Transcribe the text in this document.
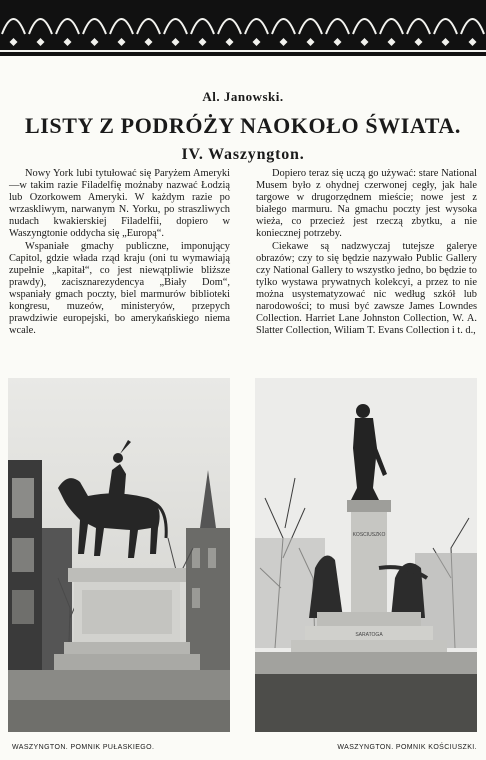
Al. Janowski.
LISTY Z PODRÓŻY NAOKOŁO ŚWIATA.
IV. Waszyngton.

Nowy York lubi tytułować się Paryżem Ameryki—w takim razie Filadelfię możnaby nazwać Łodzią lub Ozorkowem Ameryki. W każdym razie po wrzaskliwym, narwanym N. Yorku, po straszliwych nudach kwakierskiej Filadelfii, dopiero w Waszyngtonie oddycha się „Europą“.

Wspaniałe gmachy publiczne, imponujący Capitol, gdzie włada rząd kraju (oni tu wymawiają zupełnie „kapitał“, co jest niewątpliwie bliższe prawdy), zacisznarezydencya „Biały Dom“, wspaniały gmach poczty, biel marmurów biblioteki kongresu, muzeów, ministeryów, przepych prawdziwie europejski, bo amerykańskiego niema wcale.

Dopiero teraz się uczą go używać: stare National Musem było z ohydnej czerwonej cegły, jak hale targowe w drugorzędnem mieście; nowe jest z białego marmuru. Na gmachu poczty jest wysoka wieża, co przecież jest rzeczą zbytku, a nie koniecznej potrzeby.

Ciekawe są nadzwyczaj tutejsze galerye obrazów; czy to się będzie nazywało Public Gallery czy National Gallery to wszystko jedno, bo będzie to tylko wystawa prywatnych kolekcyi, a przez to nie można usystematyzować nic według szkół lub narodowości; to musi być zawsze James Lowndes Collection. Harriet Lane Johnston Collection, W. A. Slatter Collection, Wiliam T. Evans Collection i t. d.,

KOSCIUSZKO
SARATOGA
WASZYNGTON. POMNIK PUŁASKIEGO.	WASZYNGTON. POMNIK KOŚCIUSZKI.
